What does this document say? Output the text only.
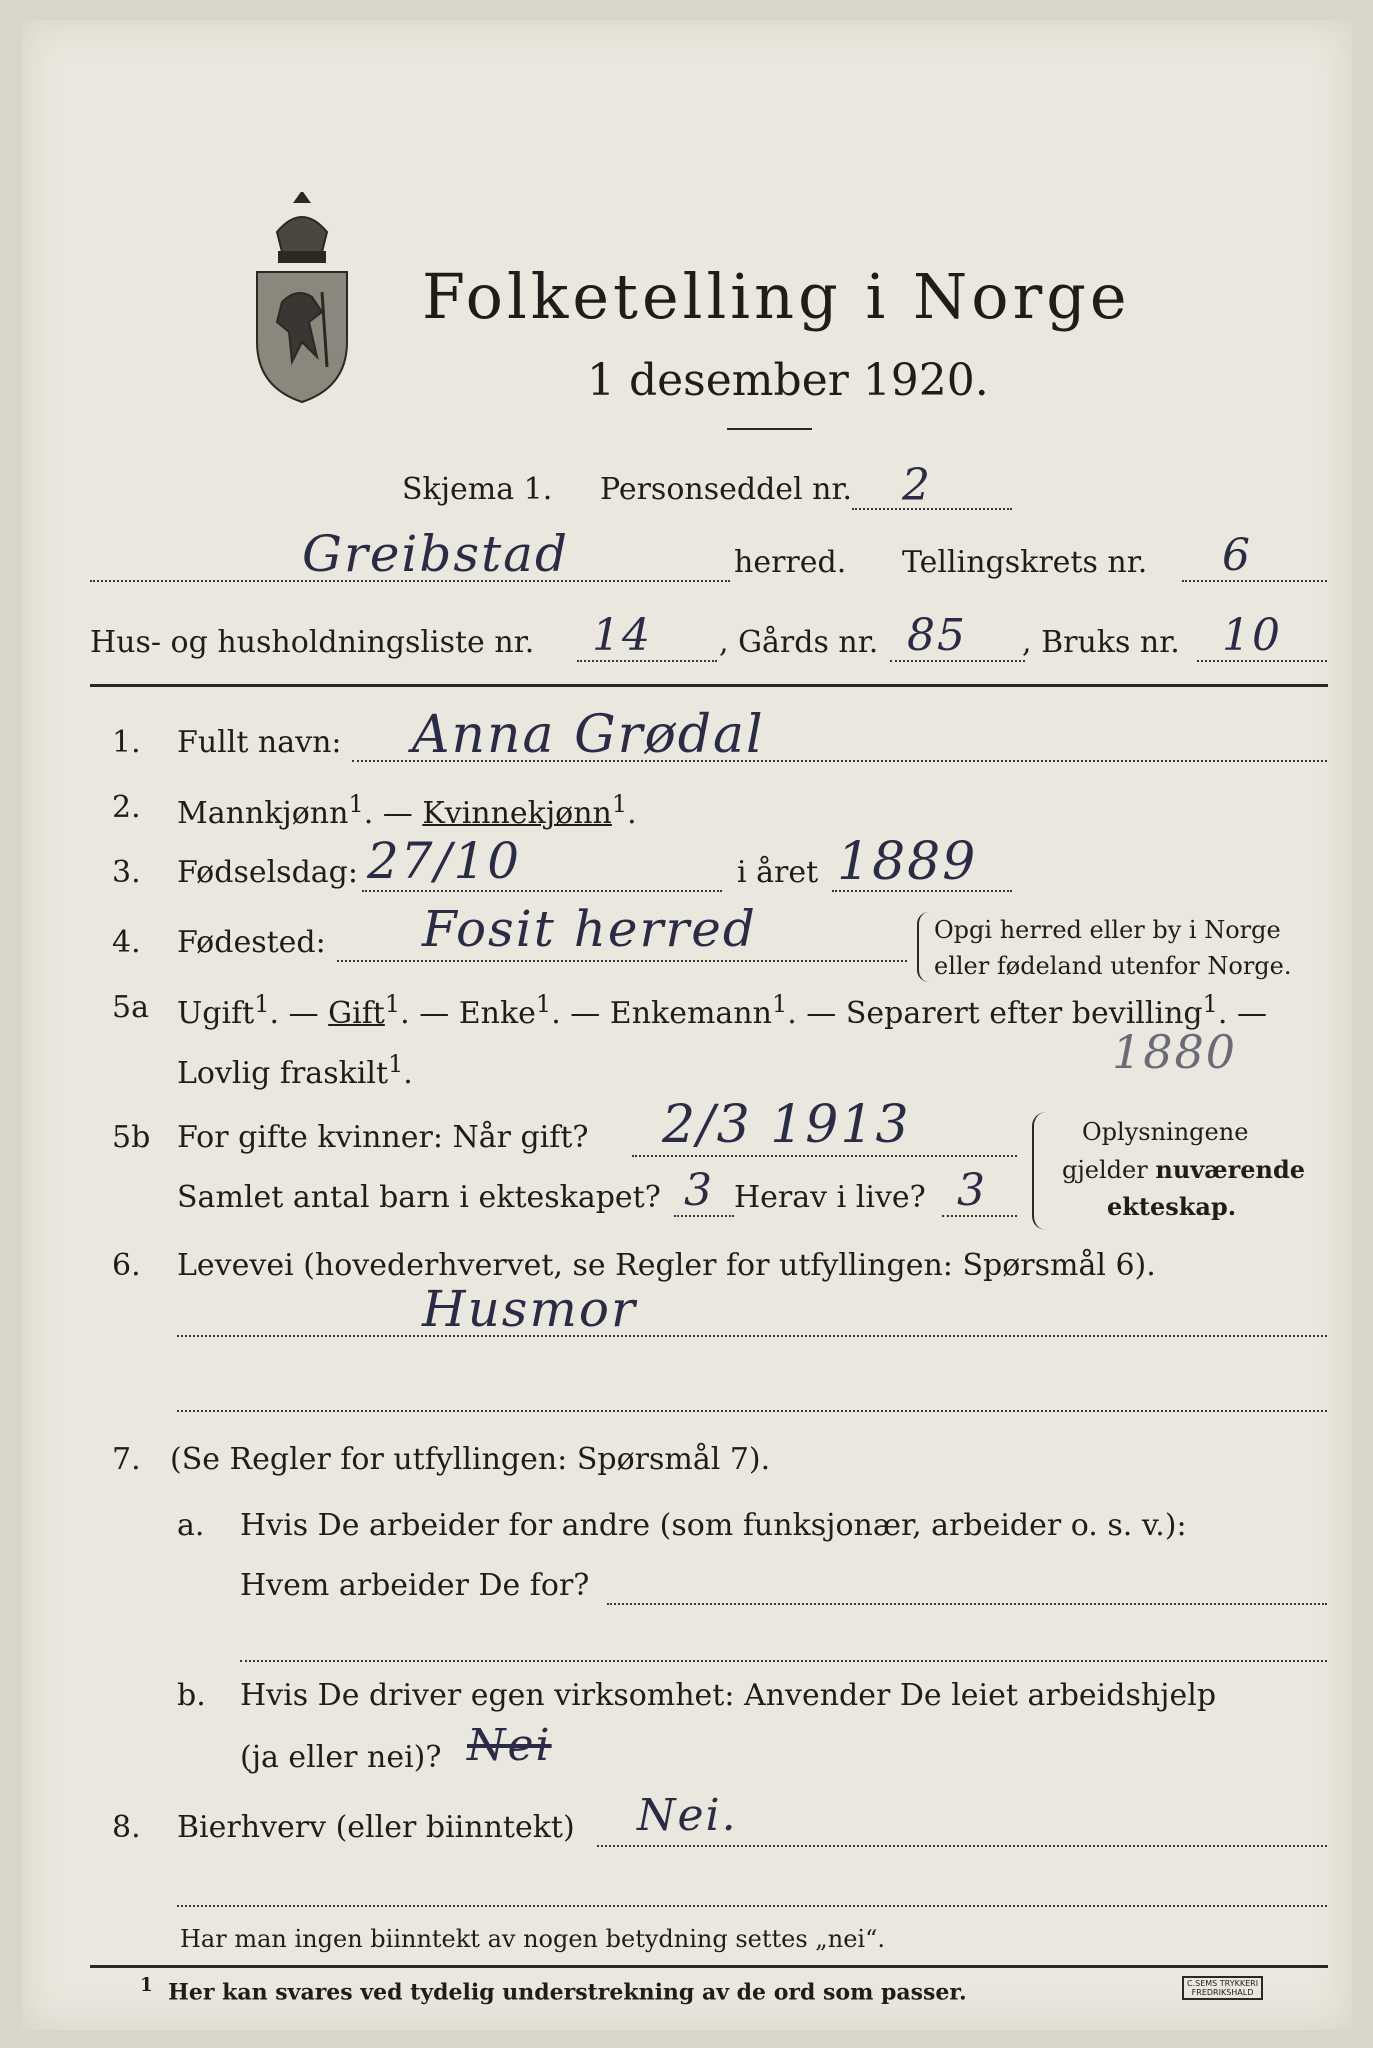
Folketelling i Norge
1 desember 1920.
Skjema 1. Personseddel nr. 2
Greibstad	herred. Tellingskrets nr. 6
Hus- og husholdningsliste nr. 14 , Gårds nr. 85 , Bruks nr. 10
1. Fullt navn: Anna Grødal
2. Mannkjønn$^1$. — Kvinnekjønn$^1$.
3. Fødselsdag: 27/10	i året 1889
4. Fødested: Fosit herred	Opgi herred eller by i Norge
eller fødeland utenfor Norge.
5a Ugift$^1$. — Gift$^1$. — Enke$^1$. — Enkemann$^1$. — Separert efter bevilling$^1$. —
Lovlig fraskilt$^1$.	1880
5b For gifte kvinner: Når gift? 2/3 1913
Samlet antal barn i ekteskapet? 3 Herav i live? 3
Oplysningene
gjelder nuværende
ekteskap.
6. Levevei (hovederhvervet, se Regler for utfyllingen: Spørsmål 6).
Husmor
7. (Se Regler for utfyllingen: Spørsmål 7).
a. Hvis De arbeider for andre (som funksjonær, arbeider o. s. v.):
Hvem arbeider De for?
b. Hvis De driver egen virksomhet: Anvender De leiet arbeidshjelp
(ja eller nei)? Nei
8. Bierhverv (eller biinntekt) Nei.
Har man ingen biinntekt av nogen betydning settes „nei“.
$^1$ Her kan svares ved tydelig understrekning av de ord som passer.	C.SEMS TRYKKERI
FREDRIKSHALD
